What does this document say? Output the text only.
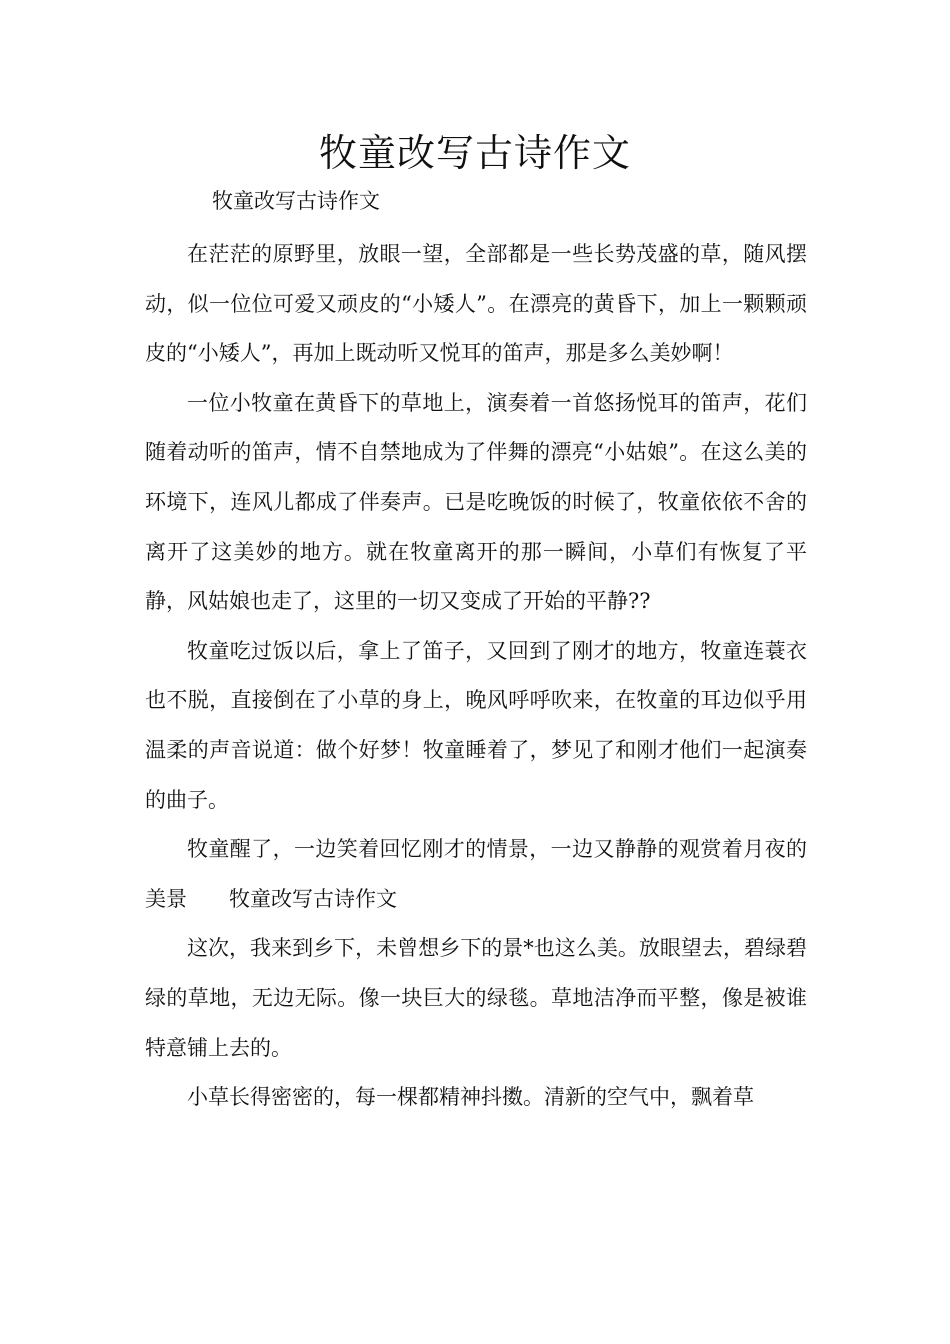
牧童改写古诗作文

牧童改写古诗作文

在茫茫的原野里，放眼一望，全部都是一些长势茂盛的草，随风摆动，似一位位可爱又顽皮的“小矮人”。在漂亮的黄昏下，加上一颗颗顽皮的“小矮人”，再加上既动听又悦耳的笛声，那是多么美妙啊！

一位小牧童在黄昏下的草地上，演奏着一首悠扬悦耳的笛声，花们随着动听的笛声，情不自禁地成为了伴舞的漂亮“小姑娘”。在这么美的环境下，连风儿都成了伴奏声。已是吃晚饭的时候了，牧童依依不舍的离开了这美妙的地方。就在牧童离开的那一瞬间，小草们有恢复了平静，风姑娘也走了，这里的一切又变成了开始的平静??

牧童吃过饭以后，拿上了笛子，又回到了刚才的地方，牧童连蓑衣也不脱，直接倒在了小草的身上，晚风呼呼吹来，在牧童的耳边似乎用温柔的声音说道：做个好梦！牧童睡着了，梦见了和刚才他们一起演奏的曲子。

牧童醒了，一边笑着回忆刚才的情景，一边又静静的观赏着月夜的美景　　牧童改写古诗作文

这次，我来到乡下，未曾想乡下的景*也这么美。放眼望去，碧绿碧绿的草地，无边无际。像一块巨大的绿毯。草地洁净而平整，像是被谁特意铺上去的。

小草长得密密的，每一棵都精神抖擞。清新的空气中，飘着草
